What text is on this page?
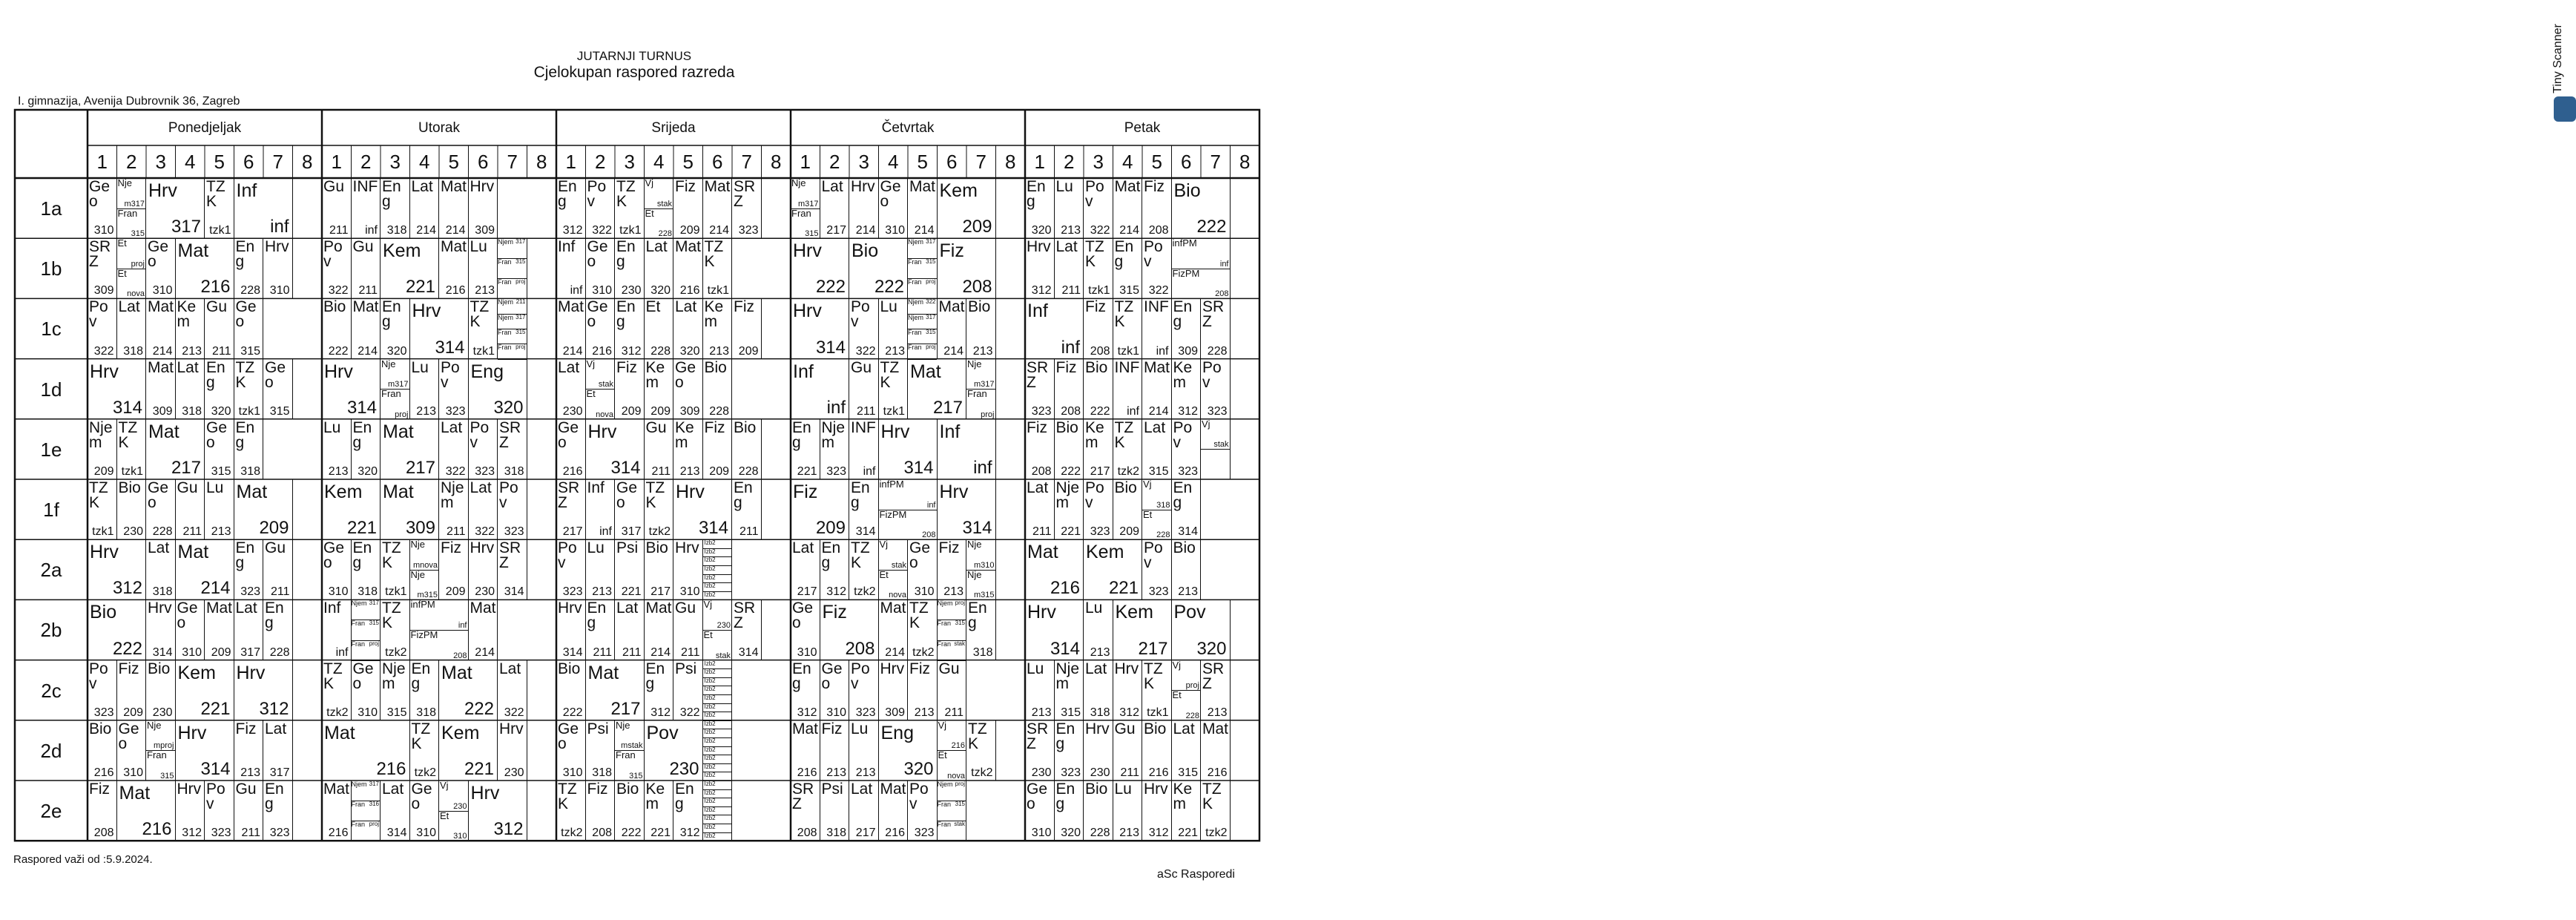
JUTARNJI TURNUS
Cjelokupan raspored razreda
I. gimnazija, Avenija Dubrovnik 36, Zagreb
Tiny Scanner
Ponedjeljak
1 2 3 4 5 6 7 8
Utorak
1 2 3 4 5 6 7 8
Srijeda
1 2 3 4 5 6 7 8
Četvrtak
1 2 3 4 5 6 7 8
Petak
1 2 3 4 5 6 7 8
1a
1b
1c
1d
1e
1f
2a
2b
2c
2d
2e
Geo
310
Nje
m317
Fran
315
Hrv
317
TZK
tzk1
Inf
inf
Gu
211
INF
inf
Eng
318
Lat
214
Mat
214
Hrv
309
Eng
312
Pov
322
TZK
tzk1
Vj
stak
Et
228
Fiz
209
Mat
214
SRZ
323
Nje
m317
Fran
315
Lat
217
Hrv
214
Geo
310
Mat
214
Kem
209
Eng
320
Lu
213
Pov
322
Mat
214
Fiz
208
Bio
222
SRZ
309
Et
proj
Et
nova
Geo
310
Mat
216
Eng
228
Hrv
310
Pov
322
Gu
211
Kem
221
Mat
216
Lu
213
Njem 317
Fran 315
Fran proj
Inf
inf
Geo
310
Eng
230
Lat
320
Mat
216
TZK
tzk1
Hrv
222
Bio
222
Njem 317
Fran 315
Fran proj
Fiz
208
Hrv
312
Lat
211
TZK
tzk1
Eng
315
Pov
322
infPM
inf
FizPM
208
Pov
322
Lat
318
Mat
214
Kem
213
Gu
211
Geo
315
Bio
222
Mat
214
Eng
320
Hrv
314
TZK
tzk1
Njem 211
Njem 317
Fran 315
Fran proj
Mat
214
Geo
216
Eng
312
Et
228
Lat
320
Kem
213
Fiz
209
Hrv
314
Pov
322
Lu
213
Njem 322
Njem 317
Fran 315
Fran proj
Mat
214
Bio
213
Inf
inf
Fiz
208
TZK
tzk1
INF
inf
Eng
309
SRZ
228
Hrv
314
Mat
309
Lat
318
Eng
320
TZK
tzk1
Geo
315
Hrv
314
Nje
m317
Fran
proj
Lu
213
Pov
323
Eng
320
Lat
230
Vj
stak
Et
nova
Fiz
209
Kem
209
Geo
309
Bio
228
Inf
inf
Gu
211
TZK
tzk1
Mat
217
Nje
m317
Fran
proj
SRZ
323
Fiz
208
Bio
222
INF
inf
Mat
214
Kem
312
Pov
323
Njem
209
TZK
tzk1
Mat
217
Geo
315
Eng
318
Lu
213
Eng
320
Mat
217
Lat
322
Pov
323
SRZ
318
Geo
216
Hrv
314
Gu
211
Kem
213
Fiz
209
Bio
228
Eng
221
Njem
323
INF
inf
Hrv
314
Inf
inf
Fiz
208
Bio
222
Kem
217
TZK
tzk2
Lat
315
Pov
323
Vj
stak
TZK
tzk1
Bio
230
Geo
228
Gu
211
Lu
213
Mat
209
Kem
221
Mat
309
Njem
211
Lat
322
Pov
323
SRZ
217
Inf
inf
Geo
317
TZK
tzk2
Hrv
314
Eng
211
Fiz
209
Eng
314
infPM
inf
FizPM
208
Hrv
314
Lat
211
Njem
221
Pov
323
Bio
209
Vj
318
Et
228
Eng
314
Hrv
312
Lat
318
Mat
214
Eng
323
Gu
211
Geo
310
Eng
318
TZK
tzk1
Nje
mnova
Nje
m315
Fiz
209
Hrv
230
SRZ
314
Pov
323
Lu
213
Psi
221
Bio
217
Hrv
310
Izb2
Izb2
Izb2
Izb2
Izb2
Izb2
Izb2
Lat
217
Eng
312
TZK
tzk2
Vj
stak
Et
nova
Geo
310
Fiz
213
Nje
m310
Nje
m315
Mat
216
Kem
221
Pov
323
Bio
213
Bio
222
Hrv
314
Geo
310
Mat
209
Lat
317
Eng
228
Inf
inf
Njem 317
Fran 315
Fran proj
TZK
tzk2
infPM
inf
FizPM
208
Mat
214
Hrv
314
Eng
211
Lat
211
Mat
214
Gu
211
Vj
230
Et
stak
SRZ
314
Geo
310
Fiz
208
Mat
214
TZK
tzk2
Njem proj
Fran 315
Fran stak
Eng
318
Hrv
314
Lu
213
Kem
217
Pov
320
Pov
323
Fiz
209
Bio
230
Kem
221
Hrv
312
TZK
tzk2
Geo
310
Njem
315
Eng
318
Mat
222
Lat
322
Bio
222
Mat
217
Eng
312
Psi
322
Izb2
Izb2
Izb2
Izb2
Izb2
Izb2
Izb2
Eng
312
Geo
310
Pov
323
Hrv
309
Fiz
213
Gu
211
Lu
213
Njem
315
Lat
318
Hrv
312
TZK
tzk1
Vj
proj
Et
228
SRZ
213
Bio
216
Geo
310
Nje
mproj
Fran
315
Hrv
314
Fiz
213
Lat
317
Mat
216
TZK
tzk2
Kem
221
Hrv
230
Geo
310
Psi
318
Nje
mstak
Fran
315
Pov
230
Izb2
Izb2
Izb2
Izb2
Izb2
Izb2
Izb2
Mat
216
Fiz
213
Lu
213
Eng
320
Vj
216
Et
nova
TZK
tzk2
SRZ
230
Eng
323
Hrv
230
Gu
211
Bio
216
Lat
315
Mat
216
Fiz
208
Mat
216
Hrv
312
Pov
323
Gu
211
Eng
323
Mat
216
Njem 317
Fran 316
Fran proj
Lat
314
Geo
310
Vj
230
Et
310
Hrv
312
TZK
tzk2
Fiz
208
Bio
222
Kem
221
Eng
312
Izb2
Izb2
Izb2
Izb2
Izb2
Izb2
Izb2
SRZ
208
Psi
318
Lat
217
Mat
216
Pov
323
Njem proj
Fran 315
Fran stak
Geo
310
Eng
320
Bio
228
Lu
213
Hrv
312
Kem
221
TZK
tzk2
Raspored važi od :5.9.2024.
aSc Rasporedi
